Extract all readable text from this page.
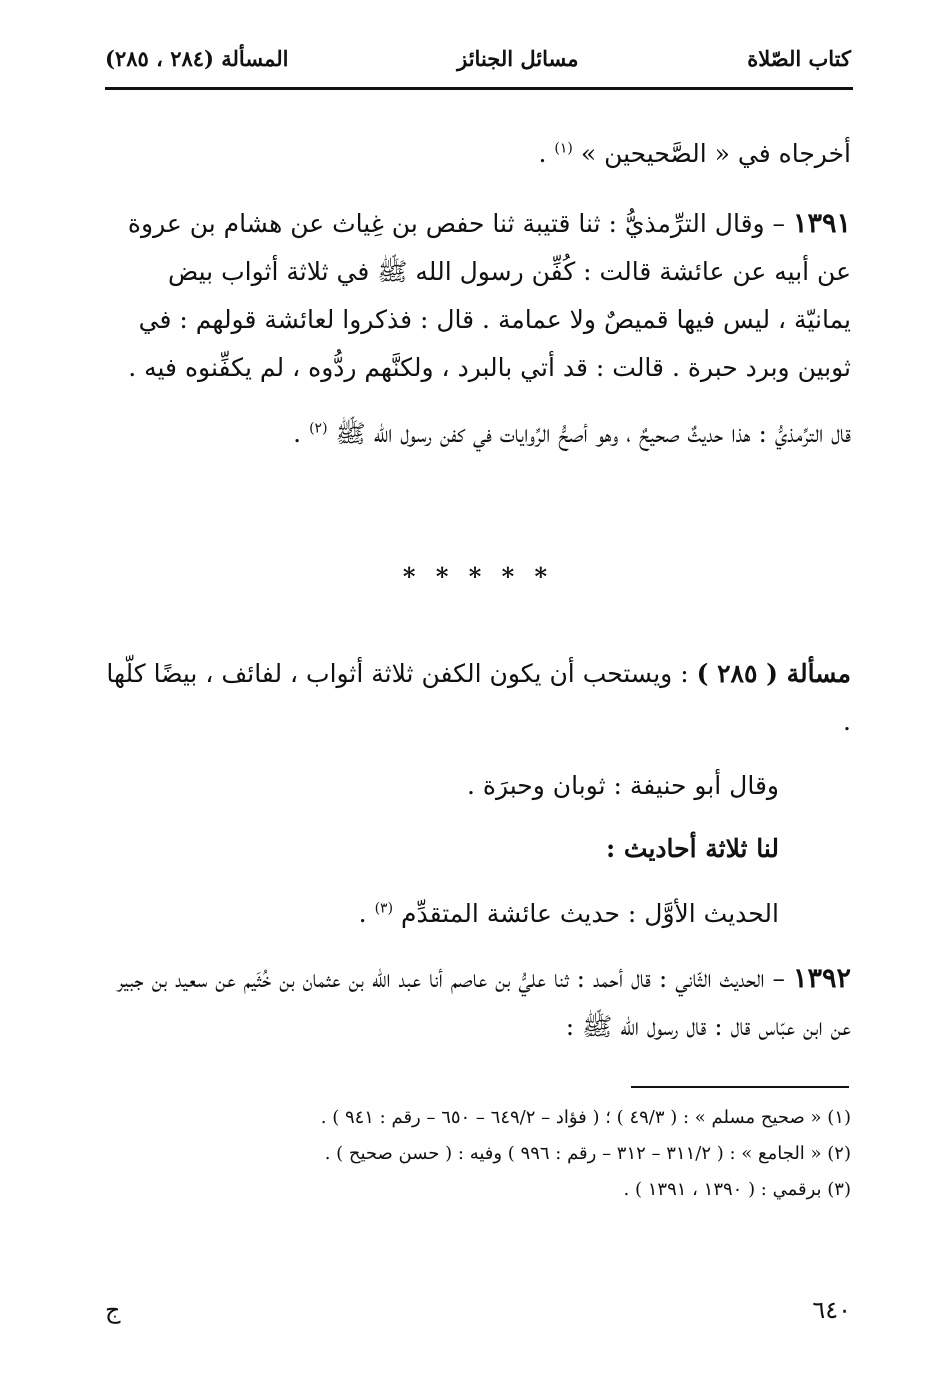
كتاب الصّلاة
مسائل الجنائز
المسألة (٢٨٤ ، ٢٨٥)
أخرجاه في « الصَّحيحين » $^{(١)}$ .
١٣٩١ – وقال الترِّمذيُّ : ثنا قتيبة ثنا حفص بن غِياث عن هشام بن عروة عن أبيه عن عائشة قالت : كُفِّن رسول الله ﷺ في ثلاثة أثواب بيض يمانيّة ، ليس فيها قميصٌ ولا عمامة . قال : فذكروا لعائشة قولهم : في ثوبين وبرد حبرة . قالت : قد أتي بالبرد ، ولكنَّهم ردُّوه ، لم يكفِّنوه فيه .
قال الترِّمذيُّ : هذا حديثٌ صحيحٌ ، وهو أصحُّ الرِّوايات في كفن رسول الله ﷺ $^{(٢)}$ .
* * * * *
مسألة ( ٢٨٥ ) : ويستحب أن يكون الكفن ثلاثة أثواب ، لفائف ، بيضًا كلّها .
وقال أبو حنيفة : ثوبان وحبرَة .
لنا ثلاثة أحاديث :
الحديث الأوَّل : حديث عائشة المتقدِّم $^{(٣)}$ .
١٣٩٢ – الحديث الثّاني : قال أحمد : ثنا عليُّ بن عاصم أنا عبد الله بن عثمان بن خُثَيم عن سعيد بن جبير عن ابن عبّاس قال : قال رسول الله ﷺ :
(١) « صحيح مسلم » : ( ٤٩/٣ ) ؛ ( فؤاد – ٦٤٩/٢ – ٦٥٠ – رقم : ٩٤١ ) .
(٢) « الجامع » : ( ٣١١/٢ – ٣١٢ – رقم : ٩٩٦ ) وفيه : ( حسن صحيح ) .
(٣) برقمي : ( ١٣٩٠ ، ١٣٩١ ) .
٦٤٠
ج
